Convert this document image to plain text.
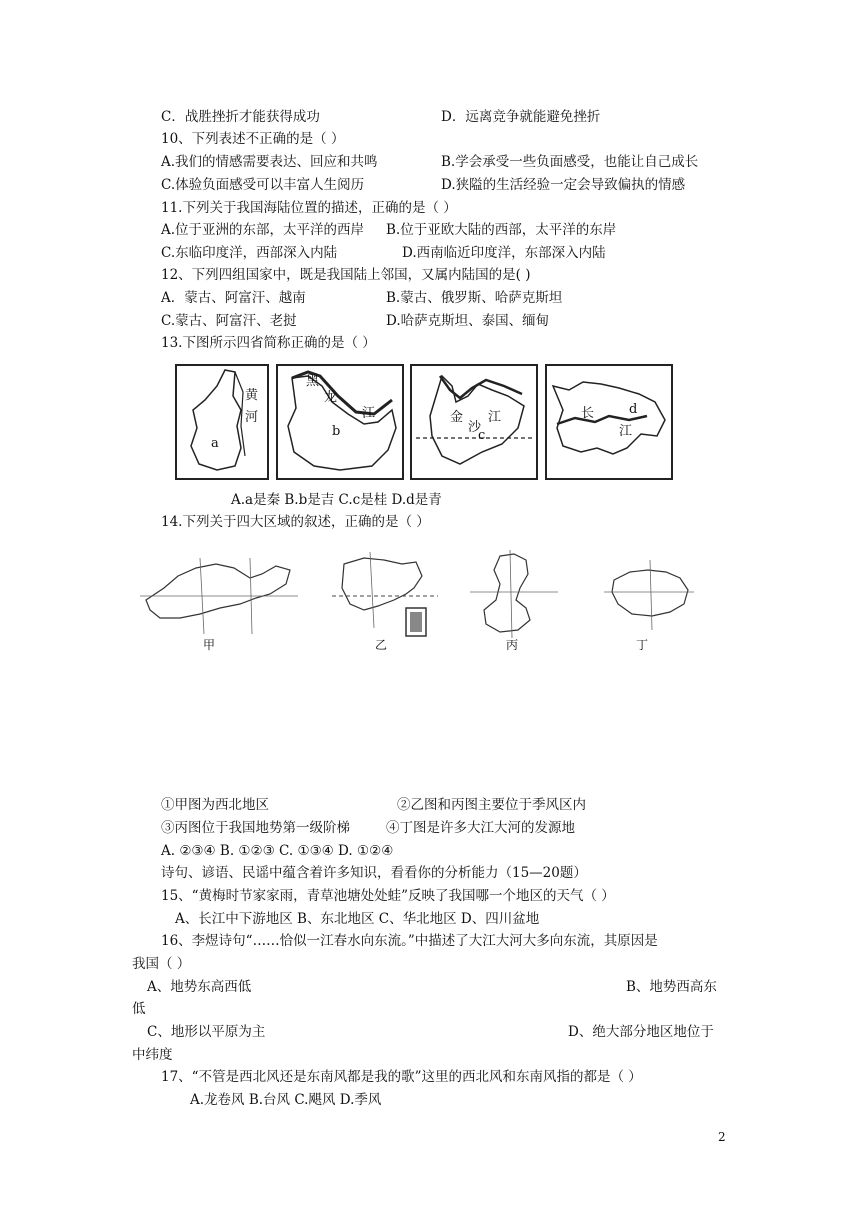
C．战胜挫折才能获得成功	D．远离竞争就能避免挫折
10、下列表述不正确的是（ ）
A.我们的情感需要表达、回应和共鸣	B.学会承受一些负面感受，也能让自己成长
C.体验负面感受可以丰富人生阅历	D.狭隘的生活经验一定会导致偏执的情感
11.下列关于我国海陆位置的描述，正确的是（ ）
A.位于亚洲的东部，太平洋的西岸 B.位于亚欧大陆的西部，太平洋的东岸
C.东临印度洋，西部深入内陆	D.西南临近印度洋，东部深入内陆
12、下列四组国家中，既是我国陆上邻国，又属内陆国的是( )
A．蒙古、阿富汗、越南	B.蒙古、俄罗斯、哈萨克斯坦
C.蒙古、阿富汗、老挝	D.哈萨克斯坦、泰国、缅甸
13.下图所示四省简称正确的是（ ）
黄
河
a
黑
龙
江
b
金
沙
江
c
长	d
江
A.a是秦 B.b是吉 C.c是桂 D.d是青
14.下列关于四大区域的叙述，正确的是（ ）
甲	乙	丙	丁
①甲图为西北地区	②乙图和丙图主要位于季风区内
③丙图位于我国地势第一级阶梯	④丁图是许多大江大河的发源地
A. ②③④ B. ①②③ C. ①③④ D. ①②④
诗句、谚语、民谣中蕴含着许多知识，看看你的分析能力（15—20题）
15、“黄梅时节家家雨，青草池塘处处蛙”反映了我国哪一个地区的天气（ ）
A、长江中下游地区 B、东北地区 C、华北地区 D、四川盆地
16、李煜诗句“……恰似一江春水向东流。”中描述了大江大河大多向东流，其原因是
我国（ ）
A、地势东高西低	B、地势西高东
低
C、地形以平原为主	D、绝大部分地区地位于
中纬度
17、“不管是西北风还是东南风都是我的歌”这里的西北风和东南风指的都是（ ）
A.龙卷风 B.台风 C.飓风 D.季风
2
